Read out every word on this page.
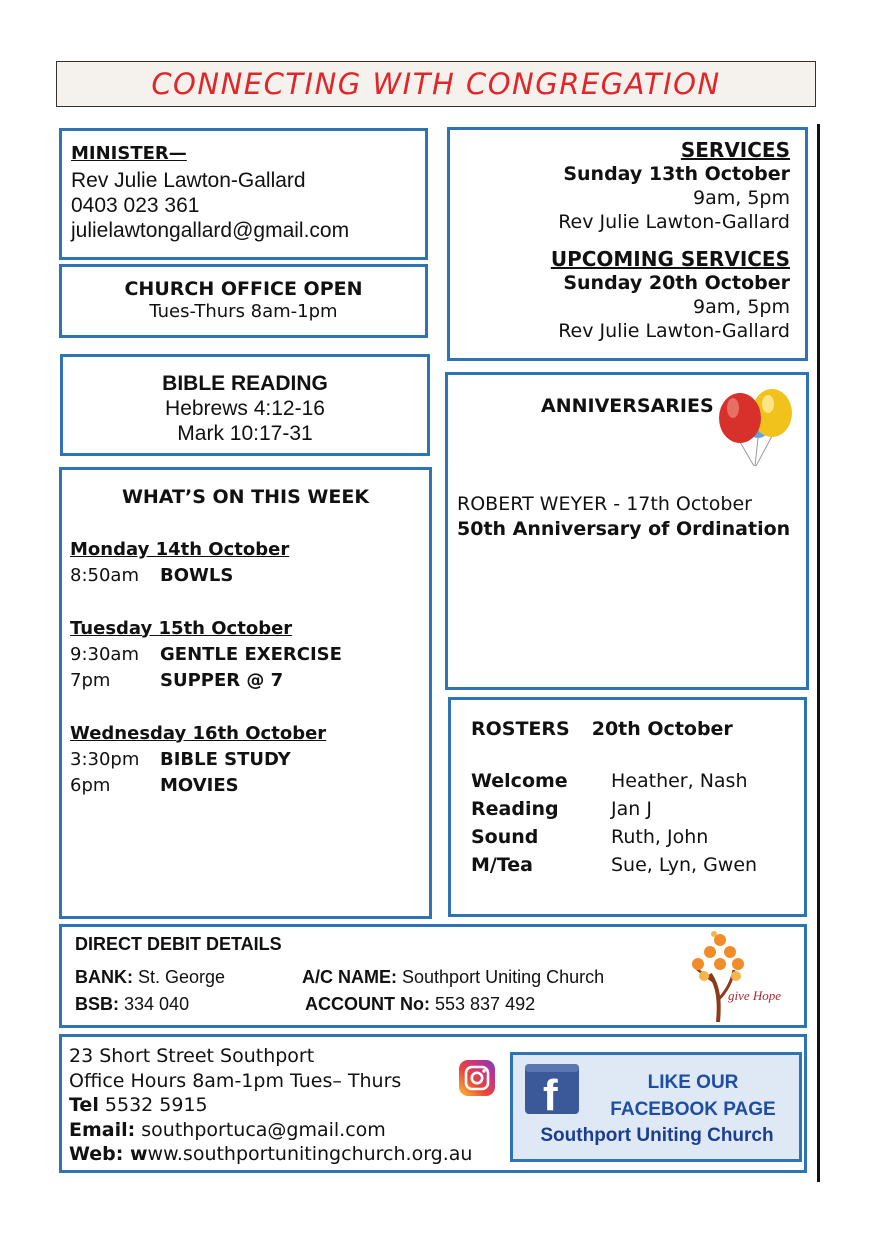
CONNECTING WITH CONGREGATION
MINISTER—
Rev Julie Lawton-Gallard
0403 023 361
julielawtongallard@gmail.com
CHURCH OFFICE OPEN
Tues-Thurs 8am-1pm
BIBLE READING
Hebrews 4:12-16
Mark 10:17-31
WHAT’S ON THIS WEEK
Monday 14th October
8:50am	BOWLS
Tuesday 15th October
9:30am	GENTLE EXERCISE
7pm	SUPPER @ 7
Wednesday 16th October
3:30pm	BIBLE STUDY
6pm	MOVIES
SERVICES
Sunday 13th October
9am, 5pm
Rev Julie Lawton-Gallard
UPCOMING SERVICES
Sunday 20th October
9am, 5pm
Rev Julie Lawton-Gallard
ANNIVERSARIES
ROBERT WEYER - 17th October
50th Anniversary of Ordination
ROSTERS 20th October
Welcome	Heather, Nash
Reading	Jan J
Sound	Ruth, John
M/Tea	Sue, Lyn, Gwen
DIRECT DEBIT DETAILS
BANK: St. George	A/C NAME: Southport Uniting Church
BSB: 334 040	ACCOUNT No: 553 837 492	give Hope
23 Short Street Southport
Office Hours 8am-1pm Tues– Thurs
Tel 5532 5915
Email: southportuca@gmail.com
Web: www.southportunitingchurch.org.au
f	LIKE OUR
FACEBOOK PAGE
Southport Uniting Church
